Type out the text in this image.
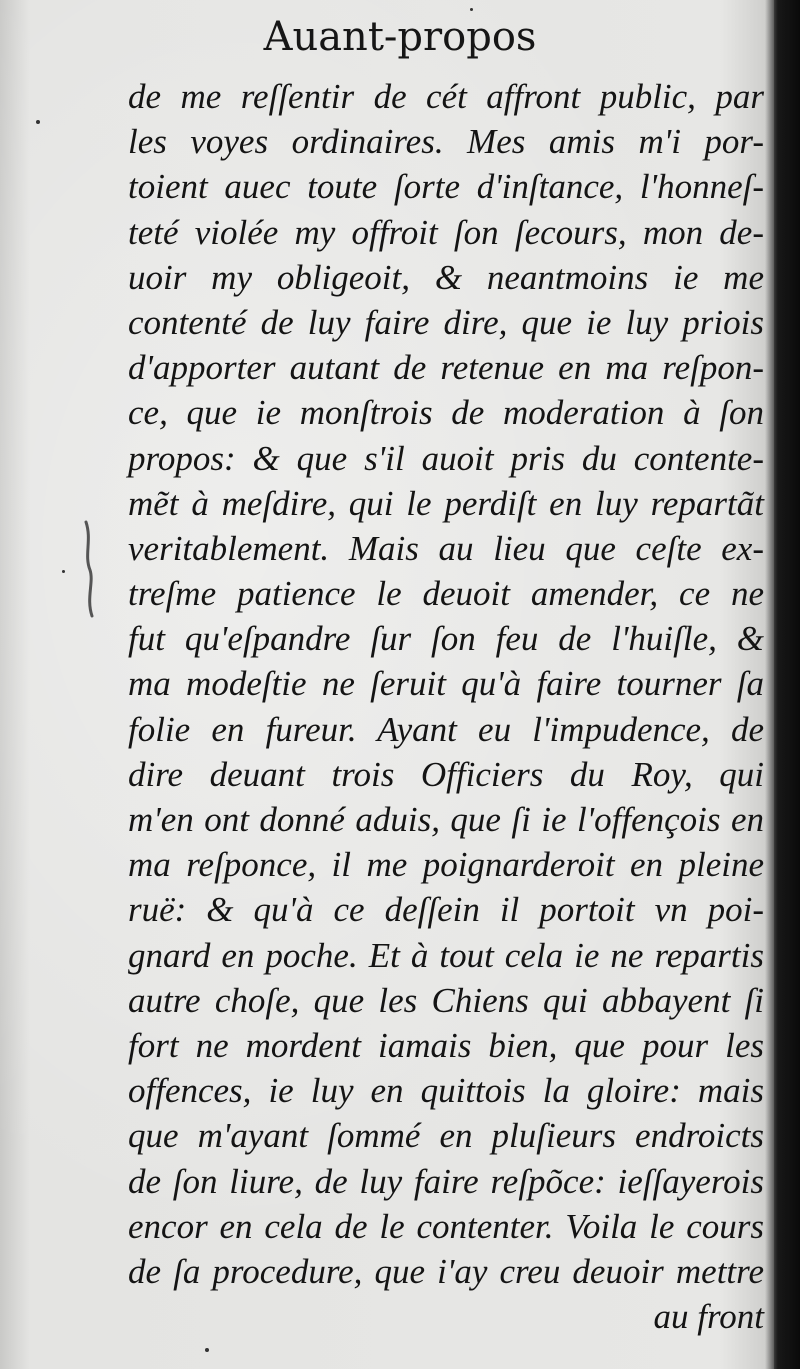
Auant-propos
de me reſſentir de cét affront public, par
les voyes ordinaires. Mes amis m'i por-
toient auec toute ſorte d'inſtance, l'honneſ-
teté violée my offroit ſon ſecours, mon de-
uoir my obligeoit, & neantmoins ie me
contenté de luy faire dire, que ie luy priois
d'apporter autant de retenue en ma reſpon-
ce, que ie monſtrois de moderation à ſon
propos: & que s'il auoit pris du contente-
mẽt à meſdire, qui le perdiſt en luy repartãt
veritablement. Mais au lieu que ceſte ex-
treſme patience le deuoit amender, ce ne
fut qu'eſpandre ſur ſon feu de l'huiſle, &
ma modeſtie ne ſeruit qu'à faire tourner ſa
folie en fureur. Ayant eu l'impudence, de
dire deuant trois Officiers du Roy, qui
m'en ont donné aduis, que ſi ie l'offençois en
ma reſponce, il me poignarderoit en pleine
ruë: & qu'à ce deſſein il portoit vn poi-
gnard en poche. Et à tout cela ie ne repartis
autre choſe, que les Chiens qui abbayent ſi
fort ne mordent iamais bien, que pour les
offences, ie luy en quittois la gloire: mais
que m'ayant ſommé en pluſieurs endroicts
de ſon liure, de luy faire reſpõce: ieſſayerois
encor en cela de le contenter. Voila le cours
de ſa procedure, que i'ay creu deuoir mettre
au front
